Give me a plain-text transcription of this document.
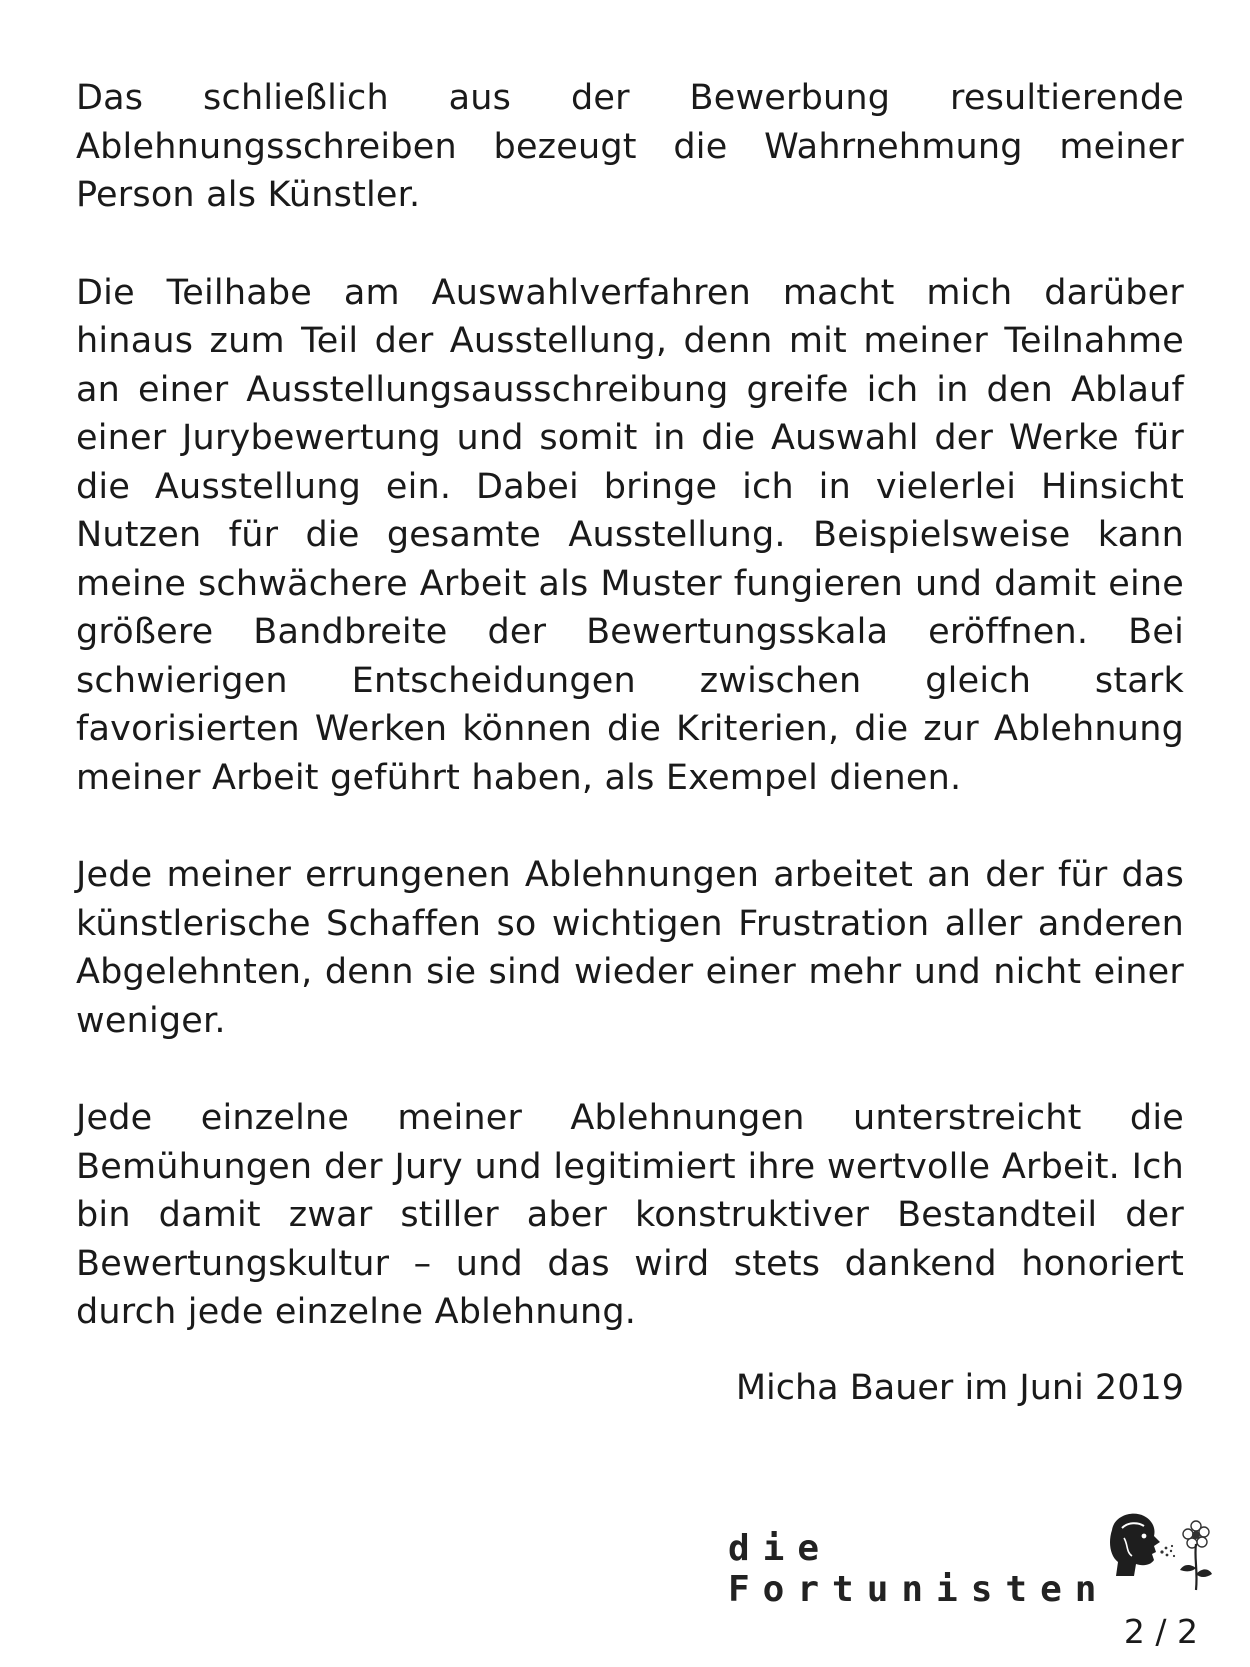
Das schließlich aus der Bewerbung resultierende Ablehnungsschreiben bezeugt die Wahrnehmung meiner Person als Künstler.

Die Teilhabe am Auswahlverfahren macht mich darüber hinaus zum Teil der Ausstellung, denn mit meiner Teilnahme an einer Ausstellungsausschreibung greife ich in den Ablauf einer Jurybewertung und somit in die Auswahl der Werke für die Ausstellung ein. Dabei bringe ich in vielerlei Hinsicht Nutzen für die gesamte Ausstellung. Beispielsweise kann meine schwächere Arbeit als Muster fungieren und damit eine größere Bandbreite der Bewertungsskala eröffnen. Bei schwierigen Entscheidungen zwischen gleich stark favorisierten Werken können die Kriterien, die zur Ablehnung meiner Arbeit geführt haben, als Exempel dienen.

Jede meiner errungenen Ablehnungen arbeitet an der für das künstlerische Schaffen so wichtigen Frustration aller anderen Abgelehnten, denn sie sind wieder einer mehr und nicht einer weniger.

Jede einzelne meiner Ablehnungen unterstreicht die Bemühungen der Jury und legitimiert ihre wertvolle Arbeit. Ich bin damit zwar stiller aber konstruktiver Bestandteil der Bewertungskultur – und das wird stets dankend honoriert durch jede einzelne Ablehnung.

Micha Bauer im Juni 2019
die Fortunisten
2 / 2
